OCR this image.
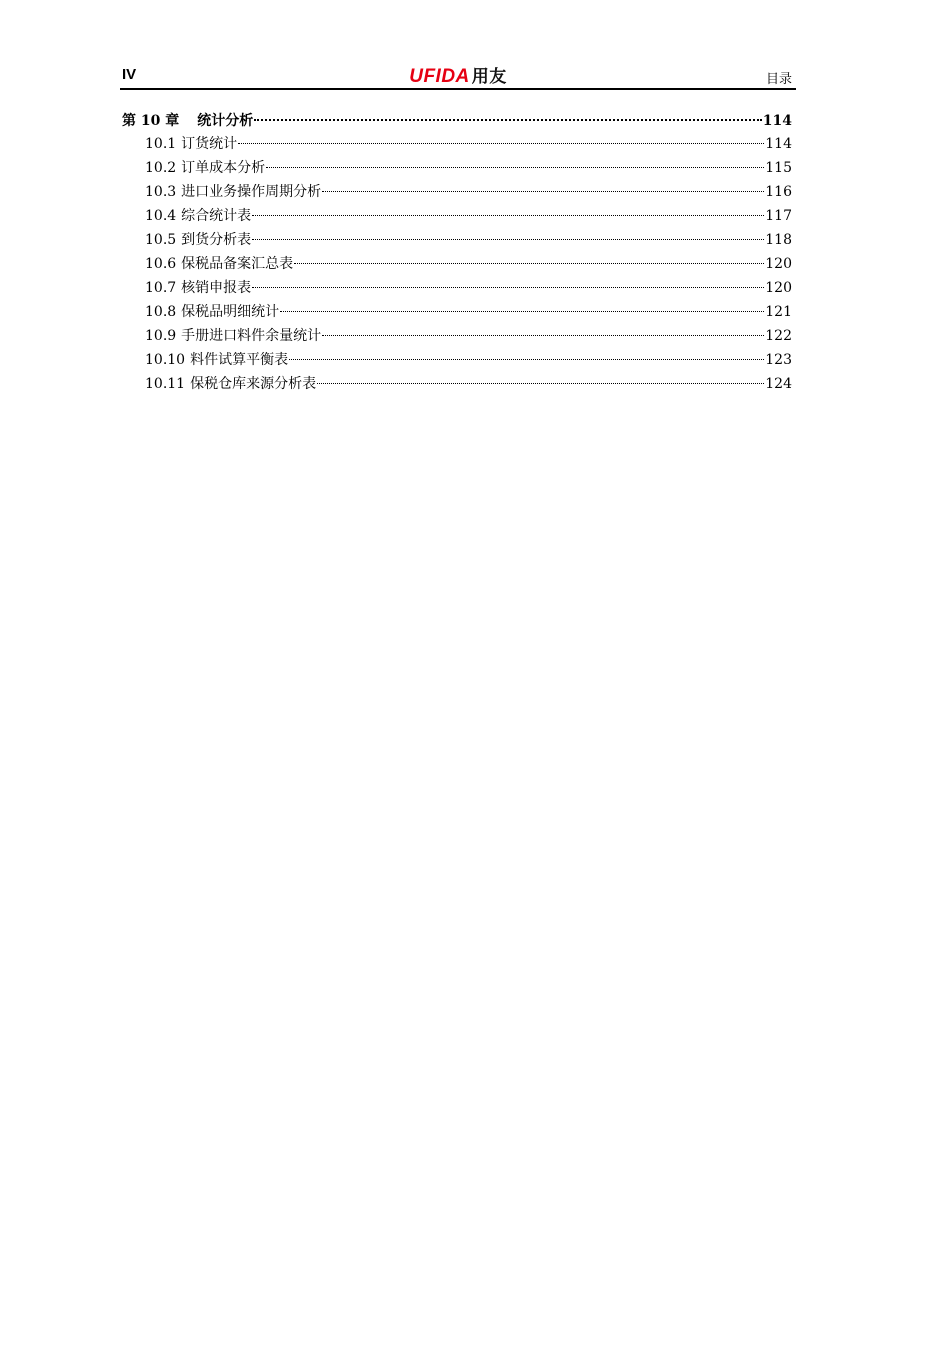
IV	UFIDA 用友	目录
第 10 章 统计分析	114
10.1 订货统计	114
10.2 订单成本分析	115
10.3 进口业务操作周期分析	116
10.4 综合统计表	117
10.5 到货分析表	118
10.6 保税品备案汇总表	120
10.7 核销申报表	120
10.8 保税品明细统计	121
10.9 手册进口料件余量统计	122
10.10 料件试算平衡表	123
10.11 保税仓库来源分析表	124
